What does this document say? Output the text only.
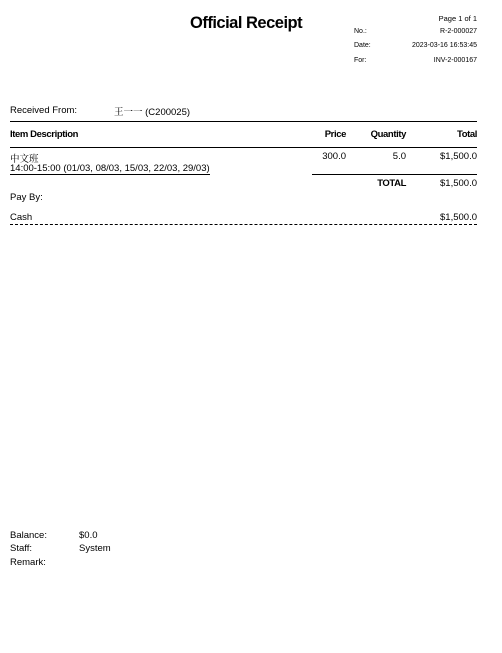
Official Receipt	Page 1 of 1
No.:	R-2-000027
Date:	2023-03-16 16:53:45
For:	INV-2-000167
Received From:	王一一 (C200025)
Item Description	Price	Quantity	Total
中文班
14:00-15:00 (01/03, 08/03, 15/03, 22/03, 29/03)
300.0	5.0	$1,500.0
TOTAL	$1,500.0
Pay By:
Cash	$1,500.0
Balance:	$0.0
Staff:	System
Remark:
